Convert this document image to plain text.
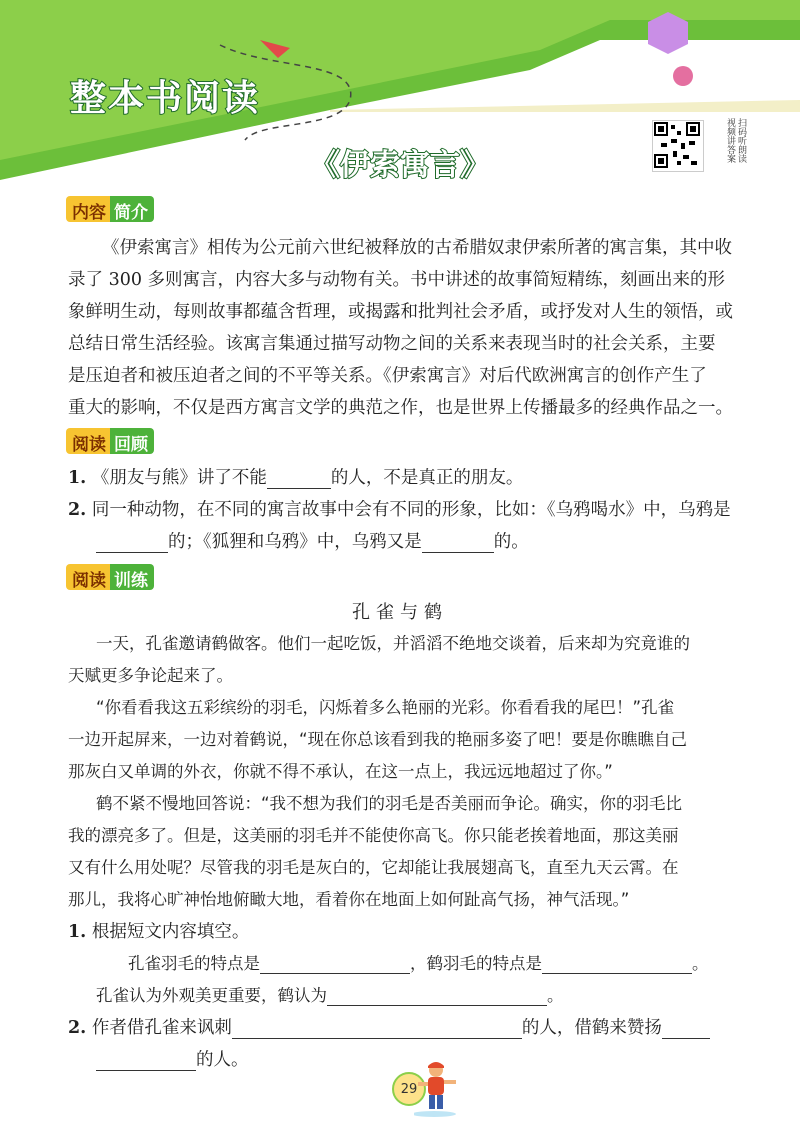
整本书阅读
扫码听朗读 视频讲答案
《伊索寓言》
内容 简介
《伊索寓言》相传为公元前六世纪被释放的古希腊奴隶伊索所著的寓言集，其中收
录了 300 多则寓言，内容大多与动物有关。书中讲述的故事简短精练，刻画出来的形
象鲜明生动，每则故事都蕴含哲理，或揭露和批判社会矛盾，或抒发对人生的领悟，或
总结日常生活经验。该寓言集通过描写动物之间的关系来表现当时的社会关系，主要
是压迫者和被压迫者之间的不平等关系。《伊索寓言》对后代欧洲寓言的创作产生了
重大的影响，不仅是西方寓言文学的典范之作，也是世界上传播最多的经典作品之一。
阅读 回顾
1. 《朋友与熊》讲了不能	的人，不是真正的朋友。
2. 同一种动物，在不同的寓言故事中会有不同的形象，比如：《乌鸦喝水》中，乌鸦是
的；《狐狸和乌鸦》中，乌鸦又是	的。
阅读 训练
孔雀与鹤
一天，孔雀邀请鹤做客。他们一起吃饭，并滔滔不绝地交谈着，后来却为究竟谁的
天赋更多争论起来了。
“你看看我这五彩缤纷的羽毛，闪烁着多么艳丽的光彩。你看看我的尾巴！”孔雀
一边开起屏来，一边对着鹤说，“现在你总该看到我的艳丽多姿了吧！要是你瞧瞧自己
那灰白又单调的外衣，你就不得不承认，在这一点上，我远远地超过了你。”
鹤不紧不慢地回答说：“我不想为我们的羽毛是否美丽而争论。确实，你的羽毛比
我的漂亮多了。但是，这美丽的羽毛并不能使你高飞。你只能老挨着地面，那这美丽
又有什么用处呢？尽管我的羽毛是灰白的，它却能让我展翅高飞，直至九天云霄。在
那儿，我将心旷神怡地俯瞰大地，看着你在地面上如何趾高气扬，神气活现。”
1. 根据短文内容填空。
孔雀羽毛的特点是	，鹤羽毛的特点是	。
孔雀认为外观美更重要，鹤认为	。
2. 作者借孔雀来讽刺	的人，借鹤来赞扬
的人。
29
